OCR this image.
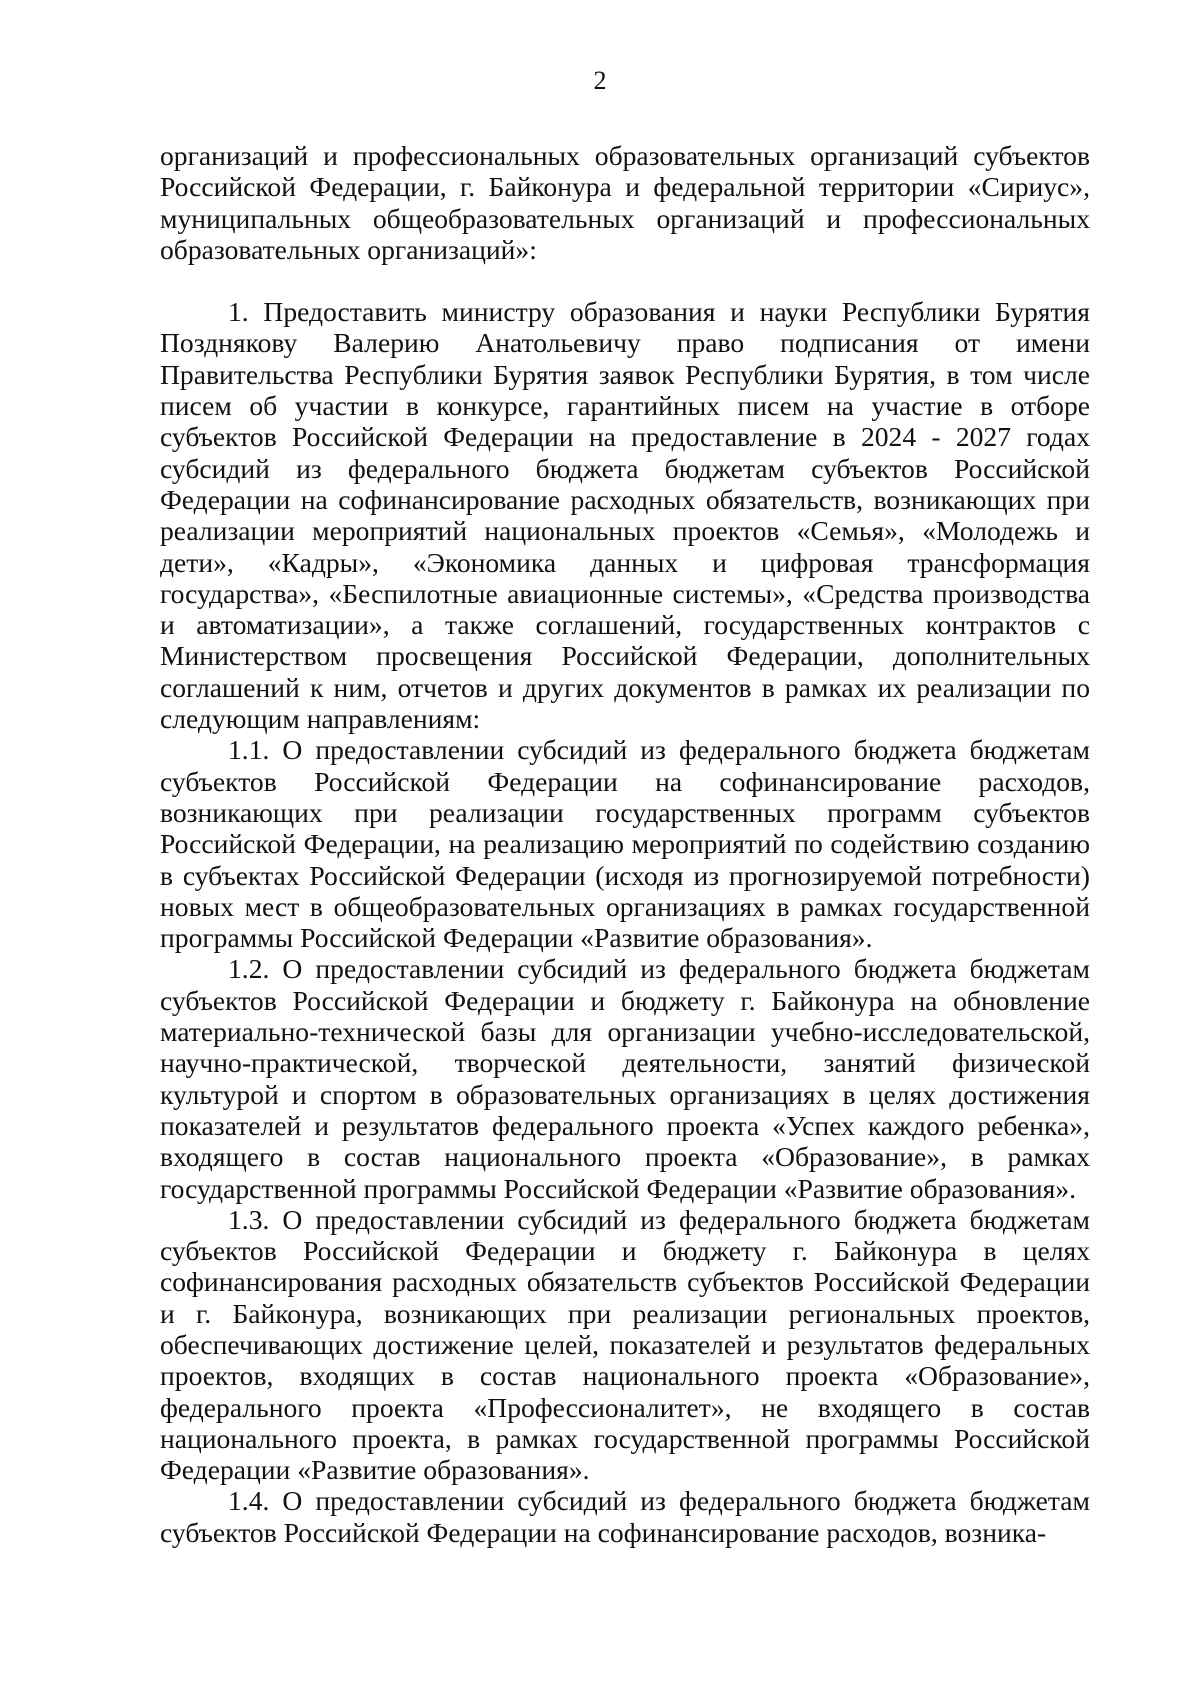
2

организаций и профессиональных образовательных организаций субъектов Российской Федерации, г. Байконура и федеральной территории «Сириус», муниципальных общеобразовательных организаций и профессиональных образовательных организаций»:

1. Предоставить министру образования и науки Республики Бурятия Позднякову Валерию Анатольевичу право подписания от имени Правительства Республики Бурятия заявок Республики Бурятия, в том числе писем об участии в конкурсе, гарантийных писем на участие в отборе субъектов Российской Федерации на предоставление в 2024 - 2027 годах субсидий из федерального бюджета бюджетам субъектов Российской Федерации на софинансирование расходных обязательств, возникающих при реализации мероприятий национальных проектов «Семья», «Молодежь и дети», «Кадры», «Экономика данных и цифровая трансформация государства», «Беспилотные авиационные системы», «Средства производства и автоматизации», а также соглашений, государственных контрактов с Министерством просвещения Российской Федерации, дополнительных соглашений к ним, отчетов и других документов в рамках их реализации по следующим направлениям:

1.1. О предоставлении субсидий из федерального бюджета бюджетам субъектов Российской Федерации на софинансирование расходов, возникающих при реализации государственных программ субъектов Российской Федерации, на реализацию мероприятий по содействию созданию в субъектах Российской Федерации (исходя из прогнозируемой потребности) новых мест в общеобразовательных организациях в рамках государственной программы Российской Федерации «Развитие образования».

1.2. О предоставлении субсидий из федерального бюджета бюджетам субъектов Российской Федерации и бюджету г. Байконура на обновление материально-технической базы для организации учебно-исследовательской, научно-практической, творческой деятельности, занятий физической культурой и спортом в образовательных организациях в целях достижения показателей и результатов федерального проекта «Успех каждого ребенка», входящего в состав национального проекта «Образование», в рамках государственной программы Российской Федерации «Развитие образования».

1.3. О предоставлении субсидий из федерального бюджета бюджетам субъектов Российской Федерации и бюджету г. Байконура в целях софинансирования расходных обязательств субъектов Российской Федерации и г. Байконура, возникающих при реализации региональных проектов, обеспечивающих достижение целей, показателей и результатов федеральных проектов, входящих в состав национального проекта «Образование», федерального проекта «Профессионалитет», не входящего в состав национального проекта, в рамках государственной программы Российской Федерации «Развитие образования».

1.4. О предоставлении субсидий из федерального бюджета бюджетам субъектов Российской Федерации на софинансирование расходов, возника-
